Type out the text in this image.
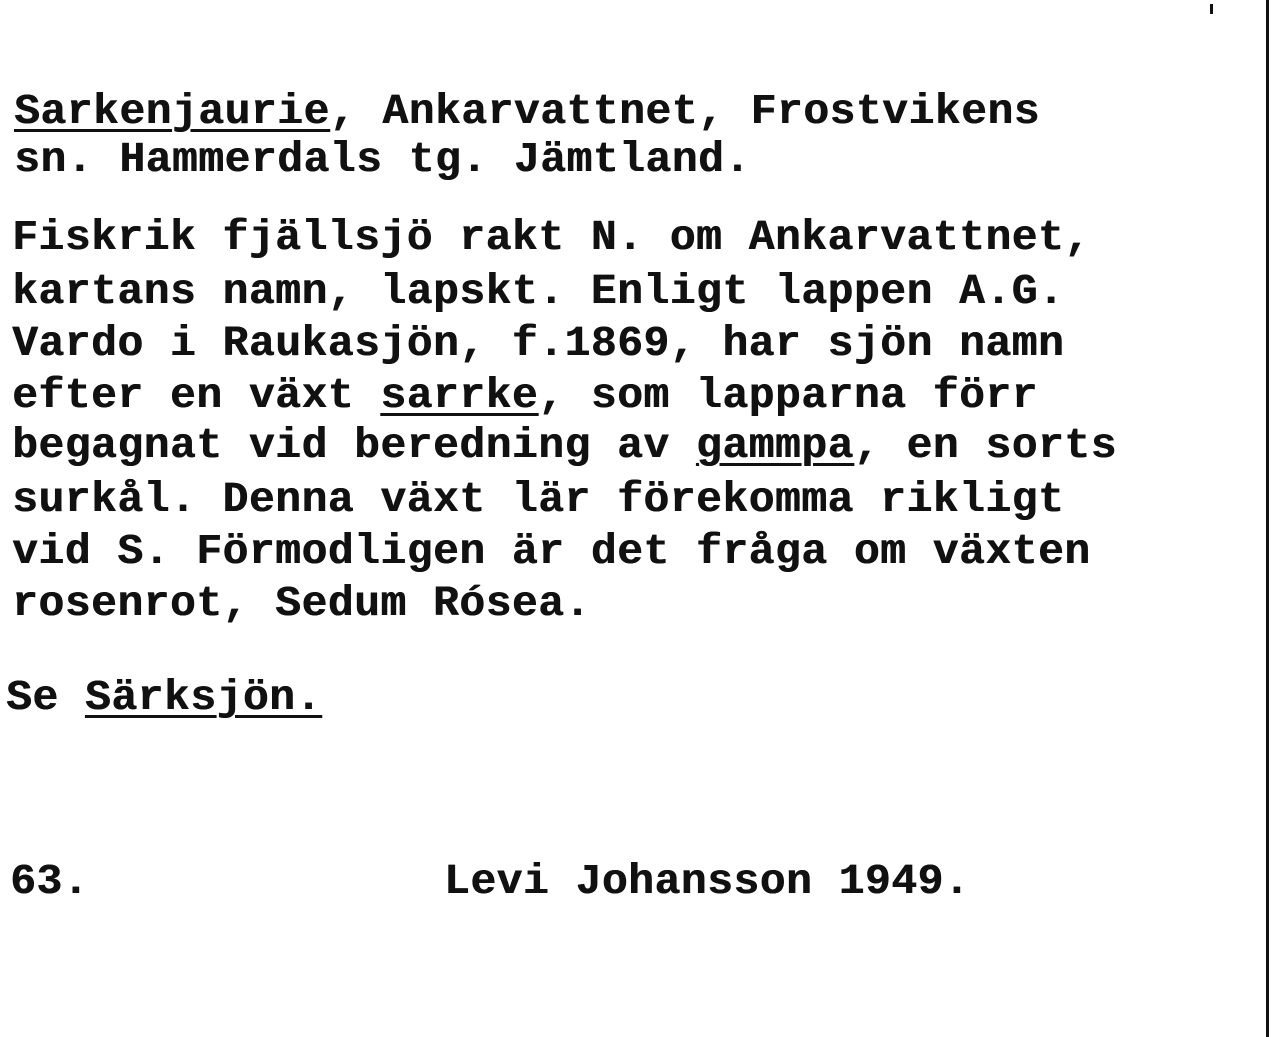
Sarkenjaurie, Ankarvattnet, Frostvikens
sn. Hammerdals tg. Jämtland.
Fiskrik fjällsjö rakt N. om Ankarvattnet,
kartans namn, lapskt. Enligt lappen A.G.
Vardo i Raukasjön, f.1869, har sjön namn
efter en växt sarrke, som lapparna förr
begagnat vid beredning av gammpa, en sorts
surkål. Denna växt lär förekomma rikligt
vid S. Förmodligen är det fråga om växten
rosenrot, Sedum Rósea.
Se Särksjön.
63.	Levi Johansson 1949.
